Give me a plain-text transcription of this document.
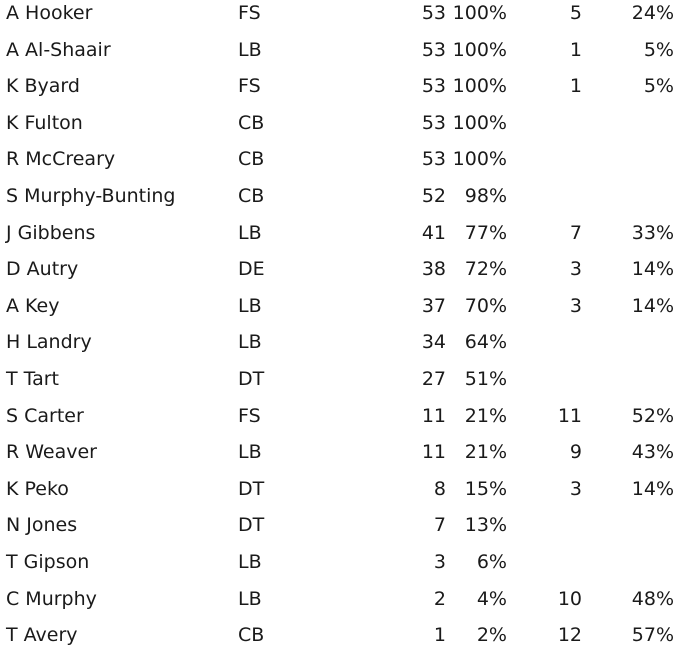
A Hooker	FS	53 100%	5	24%
A Al-Shaair	LB	53 100%	1	5%
K Byard	FS	53 100%	1	5%
K Fulton	CB	53 100%
R McCreary	CB	53 100%
S Murphy-Bunting	CB	52 98%
J Gibbens	LB	41 77%	7	33%
D Autry	DE	38 72%	3	14%
A Key	LB	37 70%	3	14%
H Landry	LB	34 64%
T Tart	DT	27 51%
S Carter	FS	11 21%	11	52%
R Weaver	LB	11 21%	9	43%
K Peko	DT	8 15%	3	14%
N Jones	DT	7 13%
T Gipson	LB	3 6%
C Murphy	LB	2 4%	10	48%
T Avery	CB	1 2%	12	57%
